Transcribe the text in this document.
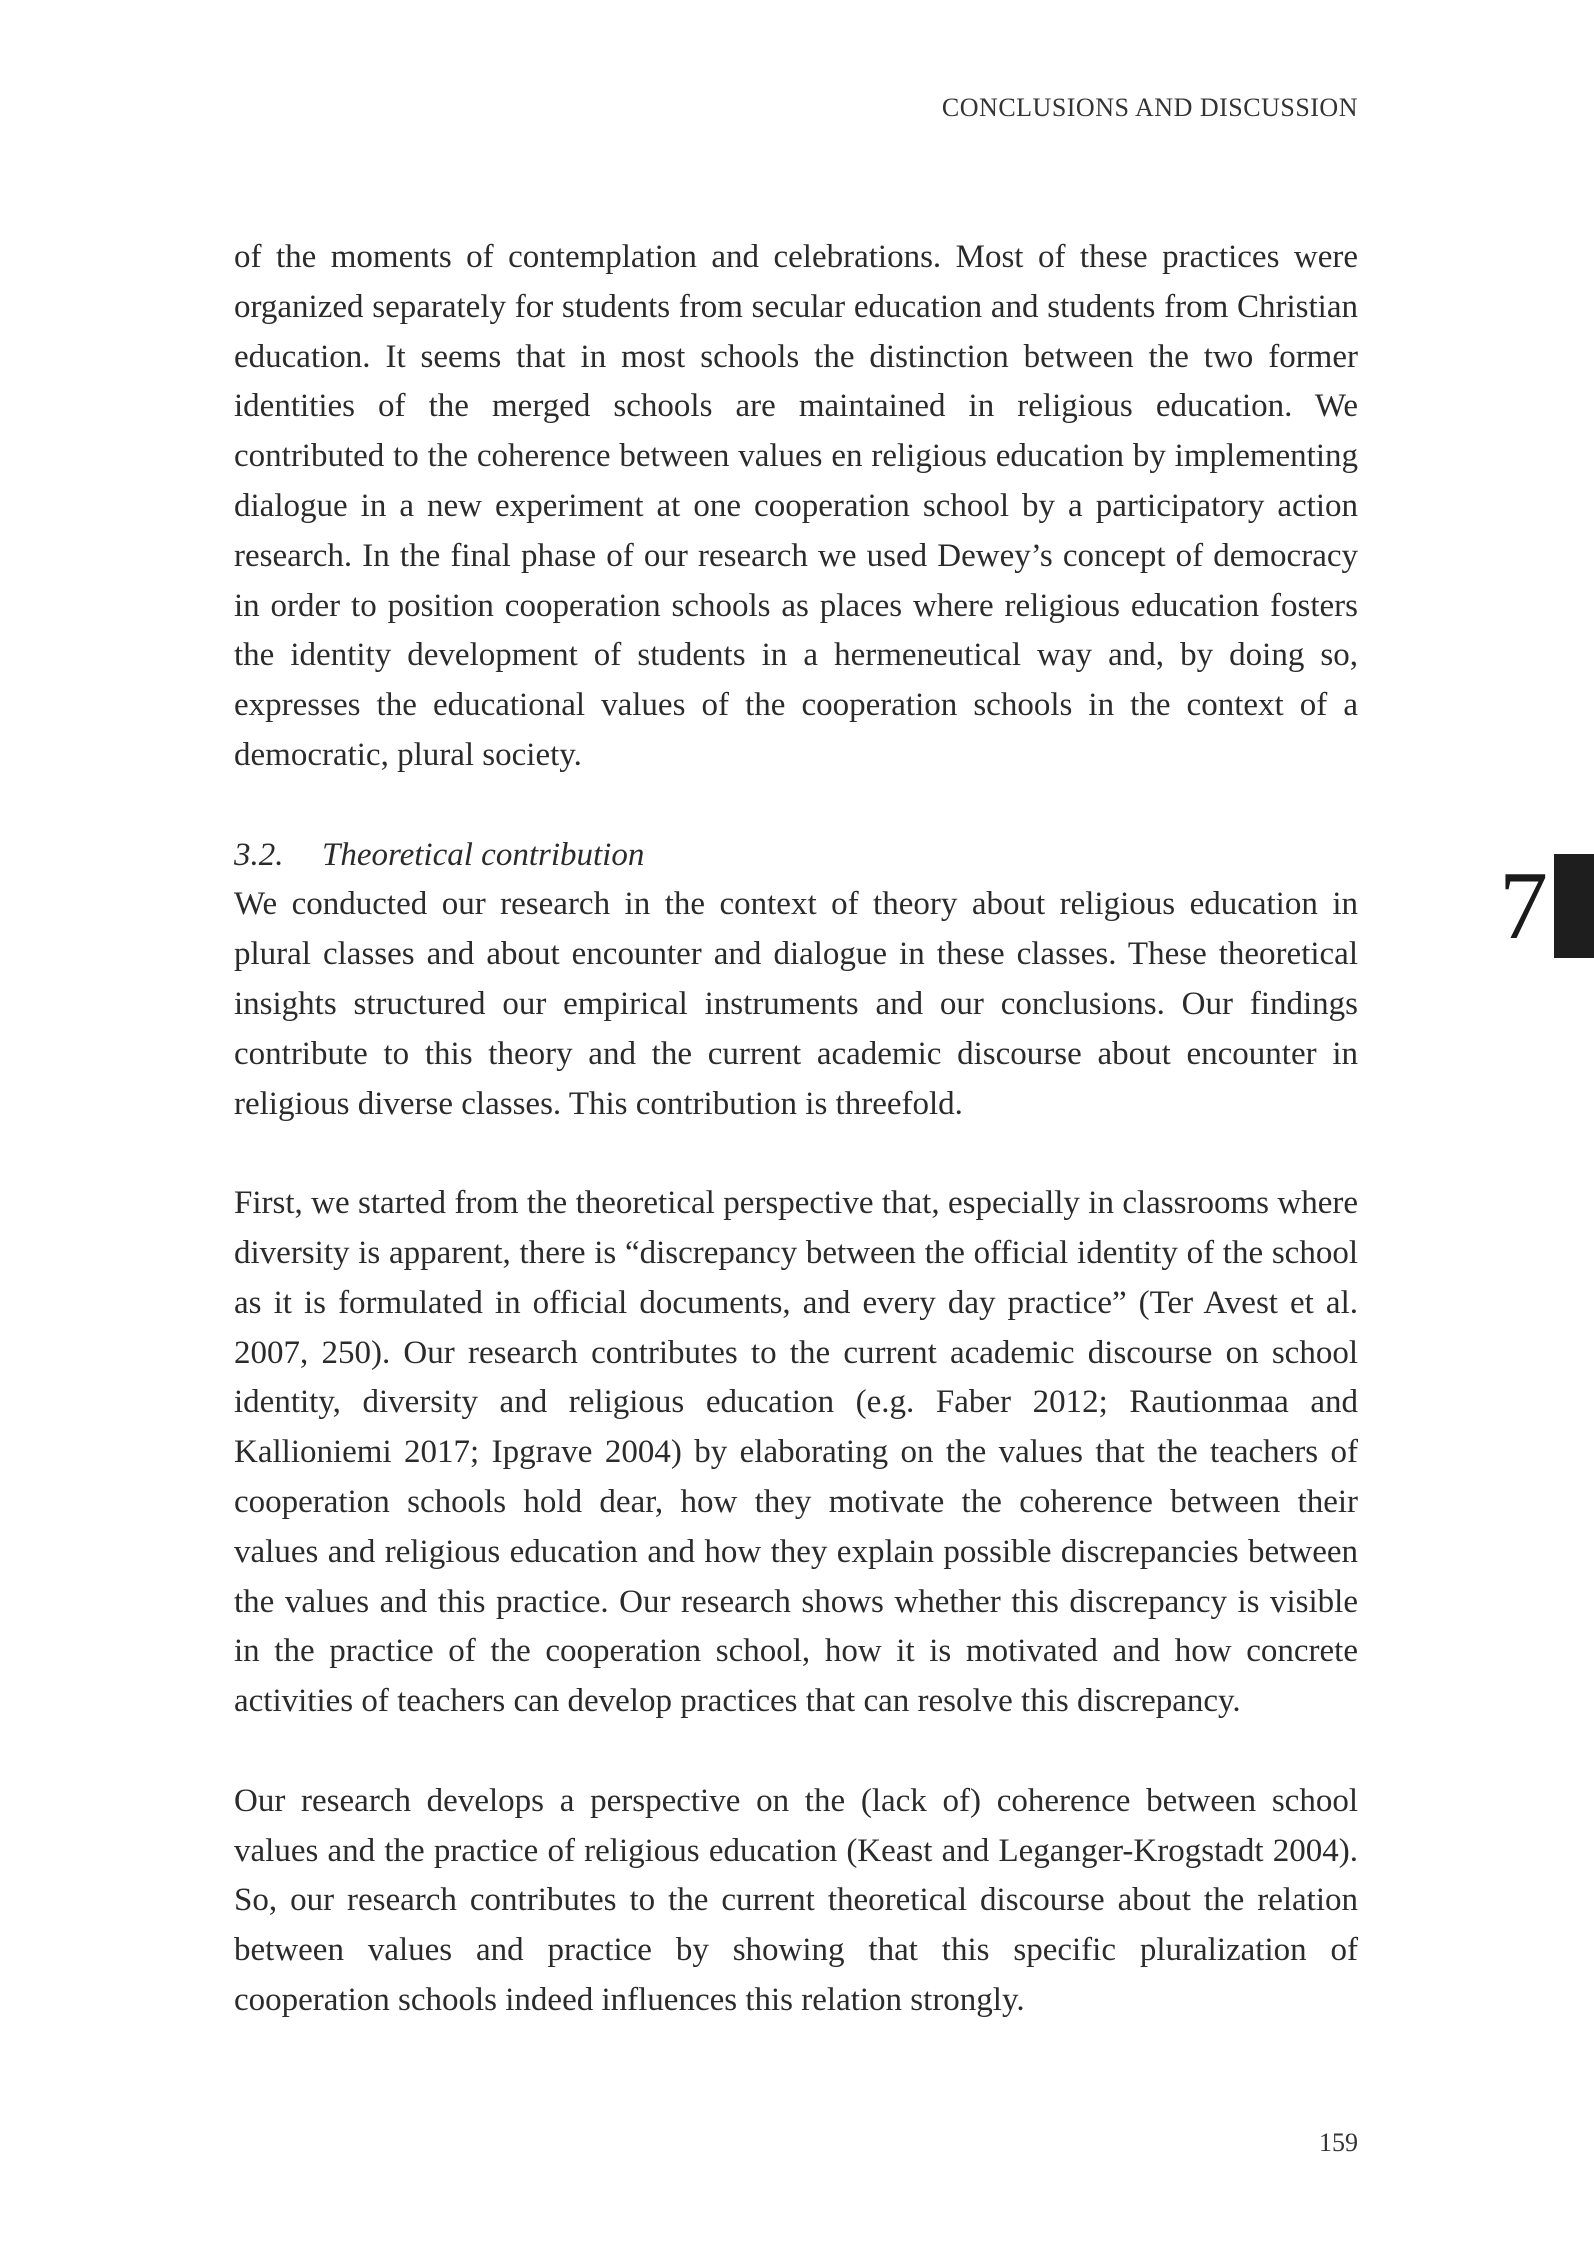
CONCLUSIONS AND DISCUSSION

of the moments of contemplation and celebrations. Most of these practices were organized separately for students from secular education and students from Christian education. It seems that in most schools the distinction between the two former identities of the merged schools are maintained in religious education. We contributed to the coherence between values en religious education by implementing dialogue in a new experiment at one cooperation school by a participatory action research. In the final phase of our research we used Dewey’s concept of democracy in order to position cooperation schools as places where religious education fosters the identity development of students in a hermeneutical way and, by doing so, expresses the educational values of the cooperation schools in the context of a democratic, plural society.

3.2. Theoretical contribution

We conducted our research in the context of theory about religious education in plural classes and about encounter and dialogue in these classes. These theoretical insights structured our empirical instruments and our conclusions. Our findings contribute to this theory and the current academic discourse about encounter in religious diverse classes. This contribution is threefold.

First, we started from the theoretical perspective that, especially in classrooms where diversity is apparent, there is “discrepancy between the official identity of the school as it is formulated in official documents, and every day practice” (Ter Avest et al. 2007, 250). Our research contributes to the current academic discourse on school identity, diversity and religious education (e.g. Faber 2012; Rautionmaa and Kallioniemi 2017; Ipgrave 2004) by elaborating on the values that the teachers of cooperation schools hold dear, how they motivate the coherence between their values and religious education and how they explain possible discrepancies between the values and this practice. Our research shows whether this discrepancy is visible in the practice of the cooperation school, how it is motivated and how concrete activities of teachers can develop practices that can resolve this discrepancy.

Our research develops a perspective on the (lack of) coherence between school values and the practice of religious education (Keast and Leganger-Krogstadt 2004). So, our research contributes to the current theoretical discourse about the relation between values and practice by showing that this specific pluralization of cooperation schools indeed influences this relation strongly.

7
159
